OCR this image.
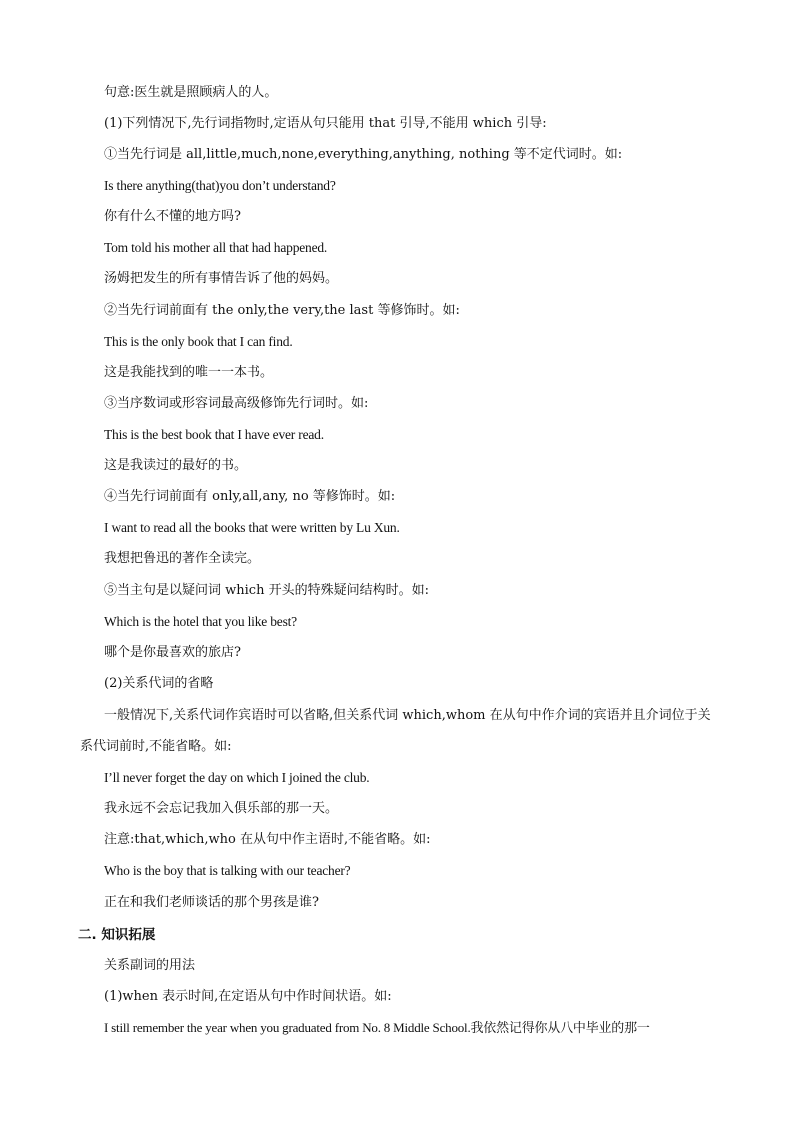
句意:医生就是照顾病人的人。
(1)下列情况下,先行词指物时,定语从句只能用 that 引导,不能用 which 引导:
①当先行词是 all,little,much,none,everything,anything, nothing 等不定代词时。如:
Is there anything(that)you don’t understand?
你有什么不懂的地方吗?
Tom told his mother all that had happened.
汤姆把发生的所有事情告诉了他的妈妈。
②当先行词前面有 the only,the very,the last 等修饰时。如:
This is the only book that I can find.
这是我能找到的唯一一本书。
③当序数词或形容词最高级修饰先行词时。如:
This is the best book that I have ever read.
这是我读过的最好的书。
④当先行词前面有 only,all,any, no 等修饰时。如:
I want to read all the books that were written by Lu Xun.
我想把鲁迅的著作全读完。
⑤当主句是以疑问词 which 开头的特殊疑问结构时。如:
Which is the hotel that you like best?
哪个是你最喜欢的旅店?
(2)关系代词的省略
一般情况下,关系代词作宾语时可以省略,但关系代词 which,whom 在从句中作介词的宾语并且介词位于关系代词前时,不能省略。如:
I’ll never forget the day on which I joined the club.
我永远不会忘记我加入俱乐部的那一天。
注意:that,which,who 在从句中作主语时,不能省略。如:
Who is the boy that is talking with our teacher?
正在和我们老师谈话的那个男孩是谁?
二. 知识拓展
关系副词的用法
(1)when 表示时间,在定语从句中作时间状语。如:
I still remember the year when you graduated from No. 8 Middle School.我依然记得你从八中毕业的那一
